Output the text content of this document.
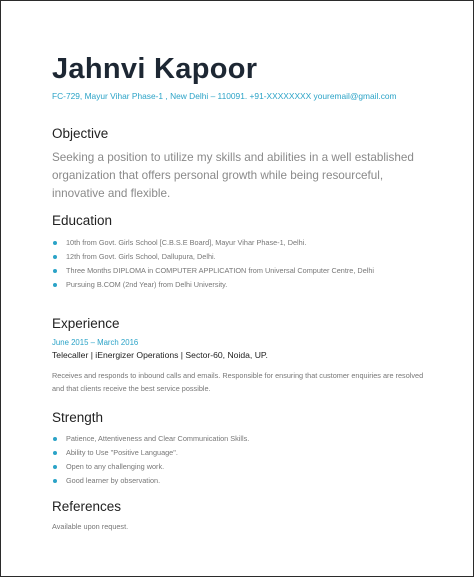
Jahnvi Kapoor
FC-729, Mayur Vihar Phase-1 , New Delhi – 110091. +91-XXXXXXXX youremail@gmail.com
Objective
Seeking a position to utilize my skills and abilities in a well established organization that offers personal growth while being resourceful, innovative and flexible.
Education
10th from Govt. Girls School [C.B.S.E Board], Mayur Vihar Phase-1, Delhi.
12th from Govt. Girls School, Dallupura, Delhi.
Three Months DIPLOMA in COMPUTER APPLICATION from Universal Computer Centre, Delhi
Pursuing B.COM (2nd Year) from Delhi University.
Experience
June 2015 – March 2016
Telecaller | iEnergizer Operations | Sector-60, Noida, UP.
Receives and responds to inbound calls and emails. Responsible for ensuring that customer enquiries are resolved and that clients receive the best service possible.
Strength
Patience, Attentiveness and Clear Communication Skills.
Ability to Use "Positive Language".
Open to any challenging work.
Good learner by observation.
References
Available upon request.
